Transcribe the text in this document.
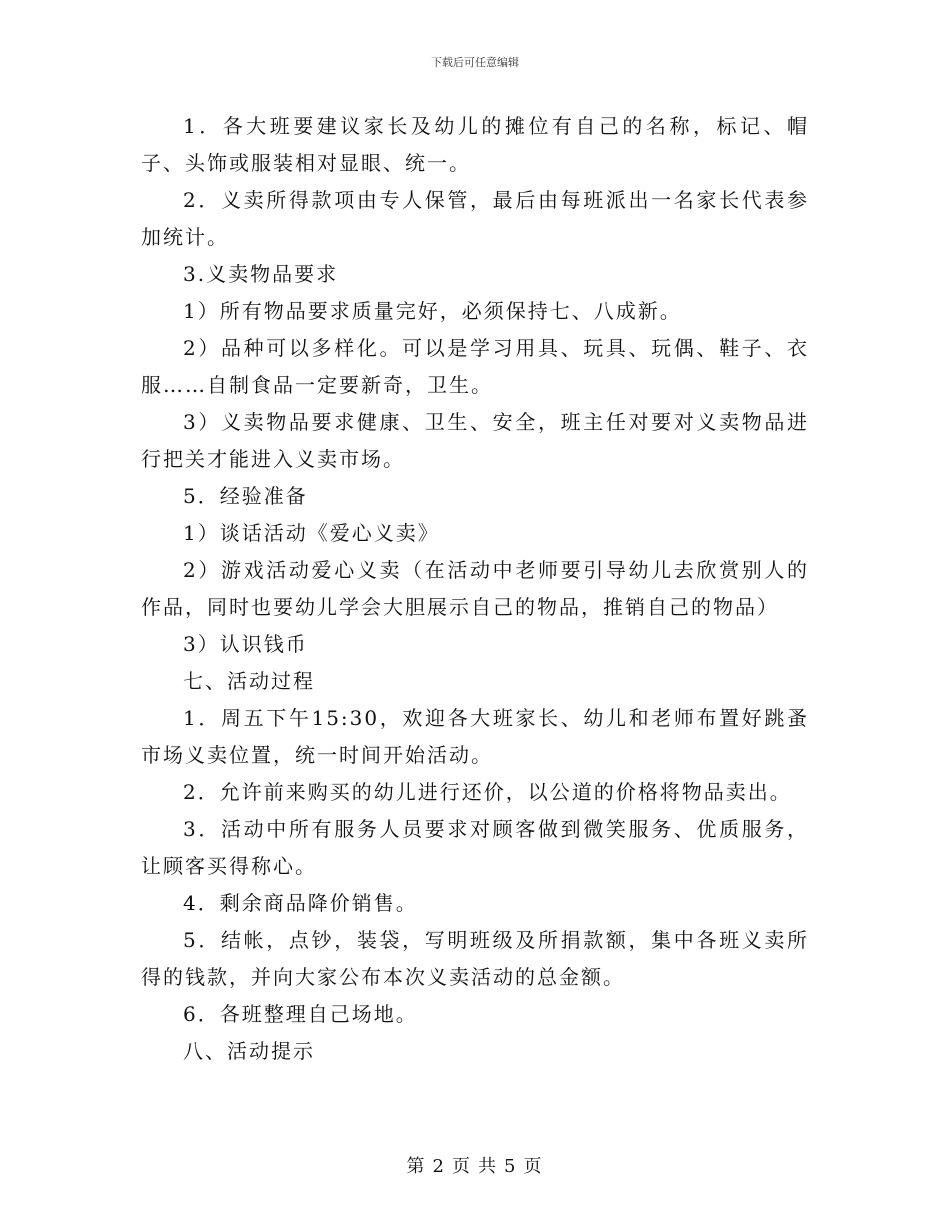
下载后可任意编辑

1．各大班要建议家长及幼儿的摊位有自己的名称，标记、帽子、头饰或服装相对显眼、统一。

2．义卖所得款项由专人保管，最后由每班派出一名家长代表参加统计。

3.义卖物品要求

1）所有物品要求质量完好，必须保持七、八成新。

2）品种可以多样化。可以是学习用具、玩具、玩偶、鞋子、衣服……自制食品一定要新奇，卫生。

3）义卖物品要求健康、卫生、安全，班主任对要对义卖物品进行把关才能进入义卖市场。

5．经验准备

1）谈话活动《爱心义卖》

2）游戏活动爱心义卖（在活动中老师要引导幼儿去欣赏别人的作品，同时也要幼儿学会大胆展示自己的物品，推销自己的物品）

3）认识钱币

七、活动过程

1．周五下午15:30，欢迎各大班家长、幼儿和老师布置好跳蚤市场义卖位置，统一时间开始活动。

2．允许前来购买的幼儿进行还价，以公道的价格将物品卖出。

3．活动中所有服务人员要求对顾客做到微笑服务、优质服务，让顾客买得称心。

4．剩余商品降价销售。

5．结帐，点钞，装袋，写明班级及所捐款额，集中各班义卖所得的钱款，并向大家公布本次义卖活动的总金额。

6．各班整理自己场地。

八、活动提示

第 2 页 共 5 页
